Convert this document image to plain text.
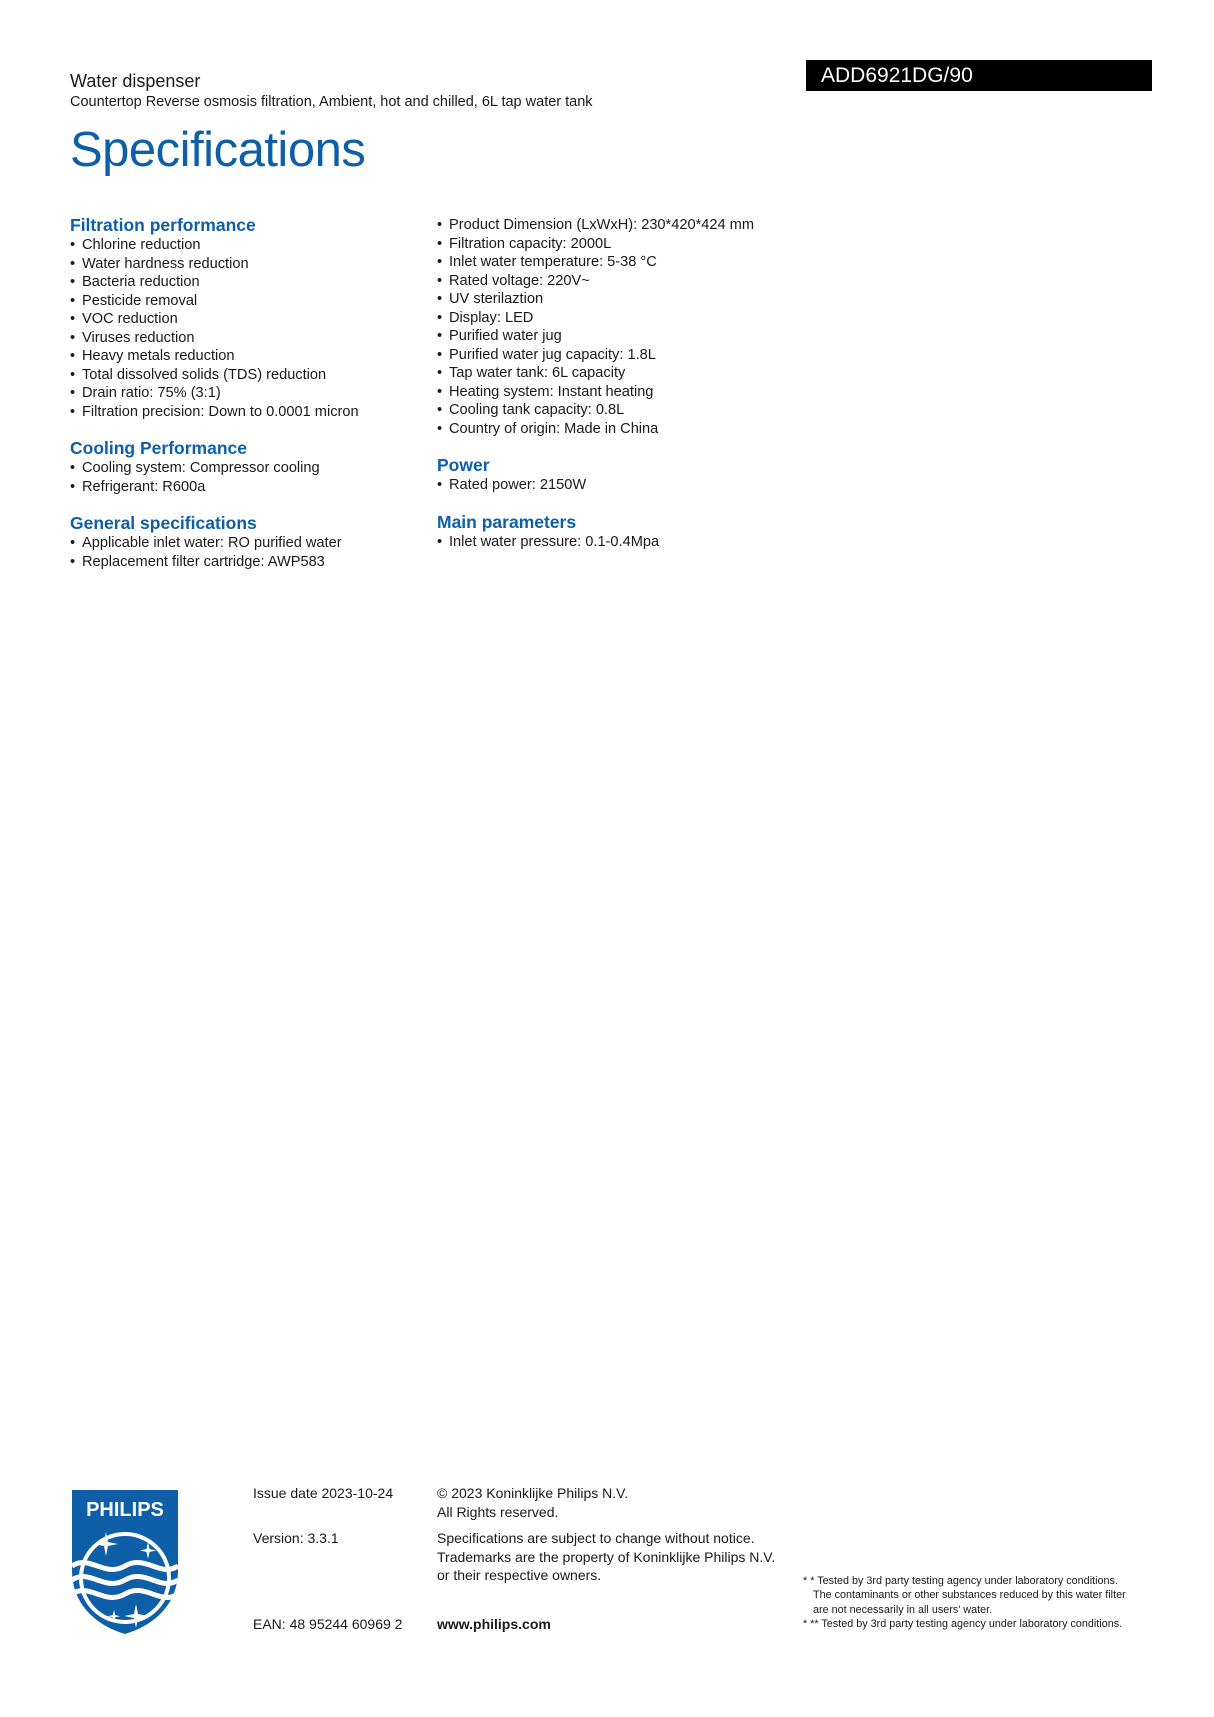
Water dispenser
Countertop Reverse osmosis filtration, Ambient, hot and chilled, 6L tap water tank
ADD6921DG/90
Specifications
Filtration performance
• Chlorine reduction
• Water hardness reduction
• Bacteria reduction
• Pesticide removal
• VOC reduction
• Viruses reduction
• Heavy metals reduction
• Total dissolved solids (TDS) reduction
• Drain ratio: 75% (3:1)
• Filtration precision: Down to 0.0001 micron
Cooling Performance
• Cooling system: Compressor cooling
• Refrigerant: R600a
General specifications
• Applicable inlet water: RO purified water
• Replacement filter cartridge: AWP583
• Product Dimension (LxWxH): 230*420*424 mm
• Filtration capacity: 2000L
• Inlet water temperature: 5-38 °C
• Rated voltage: 220V~
• UV sterilaztion
• Display: LED
• Purified water jug
• Purified water jug capacity: 1.8L
• Tap water tank: 6L capacity
• Heating system: Instant heating
• Cooling tank capacity: 0.8L
• Country of origin: Made in China
Power
• Rated power: 2150W
Main parameters
• Inlet water pressure: 0.1-0.4Mpa
PHILIPS
Issue date 2023-10-24
Version: 3.3.1
EAN: 48 95244 60969 2
© 2023 Koninklijke Philips N.V.
All Rights reserved.
Specifications are subject to change without notice.
Trademarks are the property of Koninklijke Philips N.V.
or their respective owners.
www.philips.com
* * Tested by 3rd party testing agency under laboratory conditions.
The contaminants or other substances reduced by this water filter
are not necessarily in all users' water.
* ** Tested by 3rd party testing agency under laboratory conditions.
